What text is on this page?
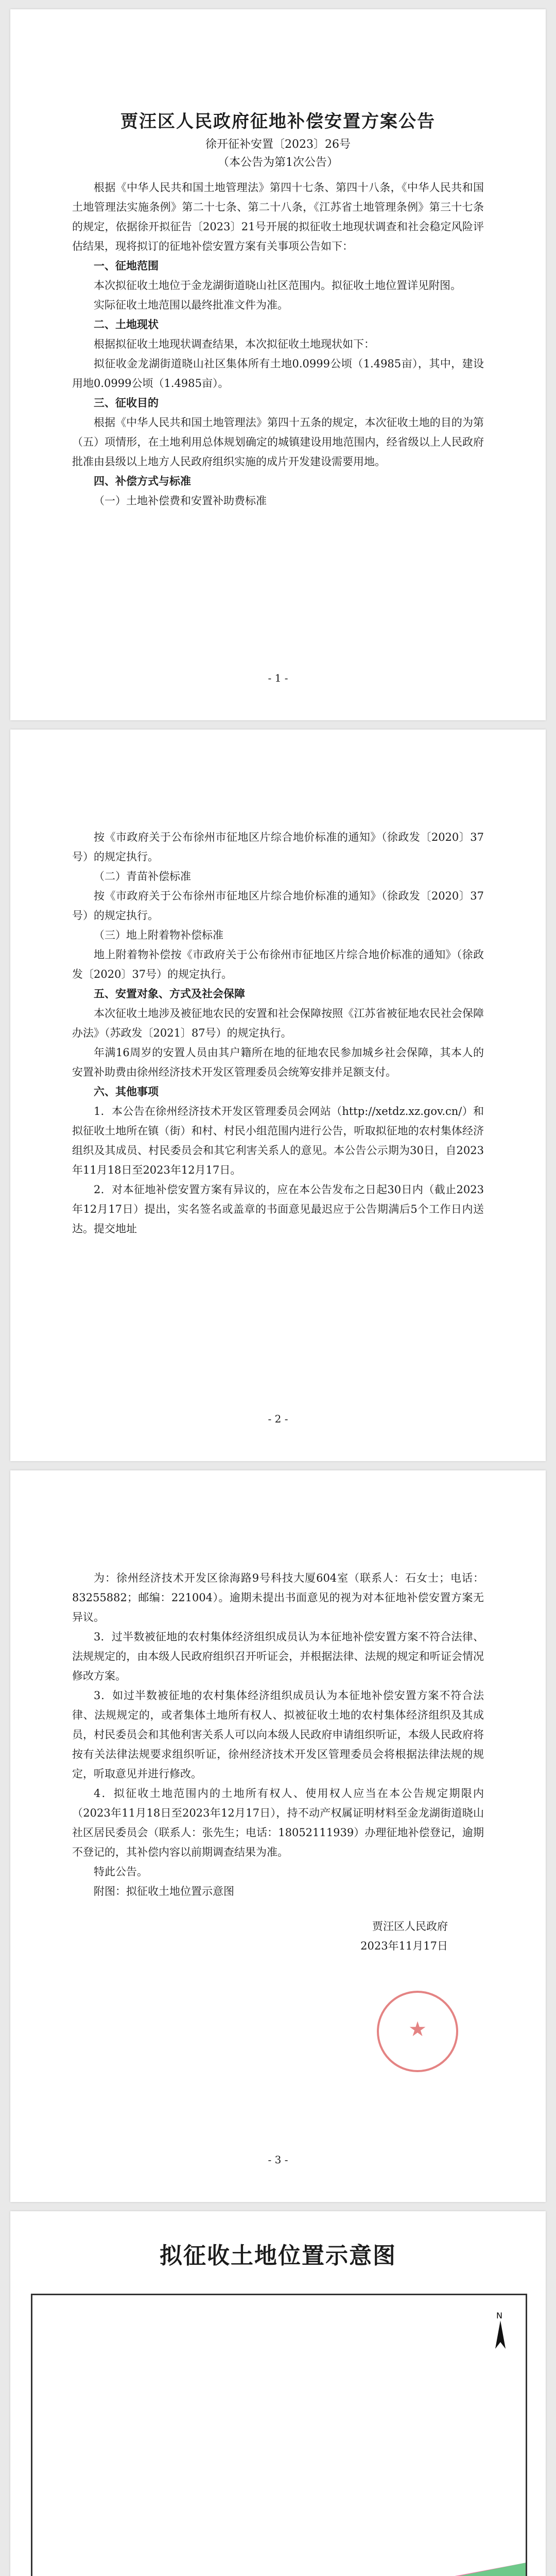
贾汪区人民政府征地补偿安置方案公告
徐开征补安置〔2023〕26号
（本公告为第1次公告）

根据《中华人民共和国土地管理法》第四十七条、第四十八条，《中华人民共和国土地管理法实施条例》第二十七条、第二十八条，《江苏省土地管理条例》第三十七条的规定，依据徐开拟征告〔2023〕21号开展的拟征收土地现状调查和社会稳定风险评估结果，现将拟订的征地补偿安置方案有关事项公告如下：

一、征地范围

本次拟征收土地位于金龙湖街道晓山社区范围内。拟征收土地位置详见附图。

实际征收土地范围以最终批准文件为准。

二、土地现状

根据拟征收土地现状调查结果，本次拟征收土地现状如下：

拟征收金龙湖街道晓山社区集体所有土地0.0999公顷（1.4985亩），其中，建设用地0.0999公顷（1.4985亩）。

三、征收目的

根据《中华人民共和国土地管理法》第四十五条的规定，本次征收土地的目的为第（五）项情形，在土地利用总体规划确定的城镇建设用地范围内，经省级以上人民政府批准由县级以上地方人民政府组织实施的成片开发建设需要用地。

四、补偿方式与标准

（一）土地补偿费和安置补助费标准

- 1 -

按《市政府关于公布徐州市征地区片综合地价标准的通知》（徐政发〔2020〕37号）的规定执行。

（二）青苗补偿标准

按《市政府关于公布徐州市征地区片综合地价标准的通知》（徐政发〔2020〕37号）的规定执行。

（三）地上附着物补偿标准

地上附着物补偿按《市政府关于公布徐州市征地区片综合地价标准的通知》（徐政发〔2020〕37号）的规定执行。

五、安置对象、方式及社会保障

本次征收土地涉及被征地农民的安置和社会保障按照《江苏省被征地农民社会保障办法》（苏政发〔2021〕87号）的规定执行。

年满16周岁的安置人员由其户籍所在地的征地农民参加城乡社会保障，其本人的安置补助费由徐州经济技术开发区管理委员会统筹安排并足额支付。

六、其他事项

1．本公告在徐州经济技术开发区管理委员会网站（http://xetdz.xz.gov.cn/）和拟征收土地所在镇（街）和村、村民小组范围内进行公告，听取拟征地的农村集体经济组织及其成员、村民委员会和其它利害关系人的意见。本公告公示期为30日，自2023年11月18日至2023年12月17日。

2．对本征地补偿安置方案有异议的，应在本公告发布之日起30日内（截止2023年12月17日）提出，实名签名或盖章的书面意见最迟应于公告期满后5个工作日内送达。提交地址

- 2 -

为：徐州经济技术开发区徐海路9号科技大厦604室（联系人：石女士；电话：83255882；邮编：221004）。逾期未提出书面意见的视为对本征地补偿安置方案无异议。

3．过半数被征地的农村集体经济组织成员认为本征地补偿安置方案不符合法律、法规规定的，由本级人民政府组织召开听证会，并根据法律、法规的规定和听证会情况修改方案。

3．如过半数被征地的农村集体经济组织成员认为本征地补偿安置方案不符合法律、法规规定的，或者集体土地所有权人、拟被征收土地的农村集体经济组织及其成员，村民委员会和其他利害关系人可以向本级人民政府申请组织听证，本级人民政府将按有关法律法规要求组织听证，徐州经济技术开发区管理委员会将根据法律法规的规定，听取意见并进行修改。

4．拟征收土地范围内的土地所有权人、使用权人应当在本公告规定期限内（2023年11月18日至2023年12月17日），持不动产权属证明材料至金龙湖街道晓山社区居民委员会（联系人：张先生；电话：18052111939）办理征地补偿登记，逾期不登记的，其补偿内容以前期调查结果为准。

特此公告。

附图：拟征收土地位置示意图

贾汪区人民政府
2023年11月17日
★
- 3 -
拟征收土地位置示意图
N
